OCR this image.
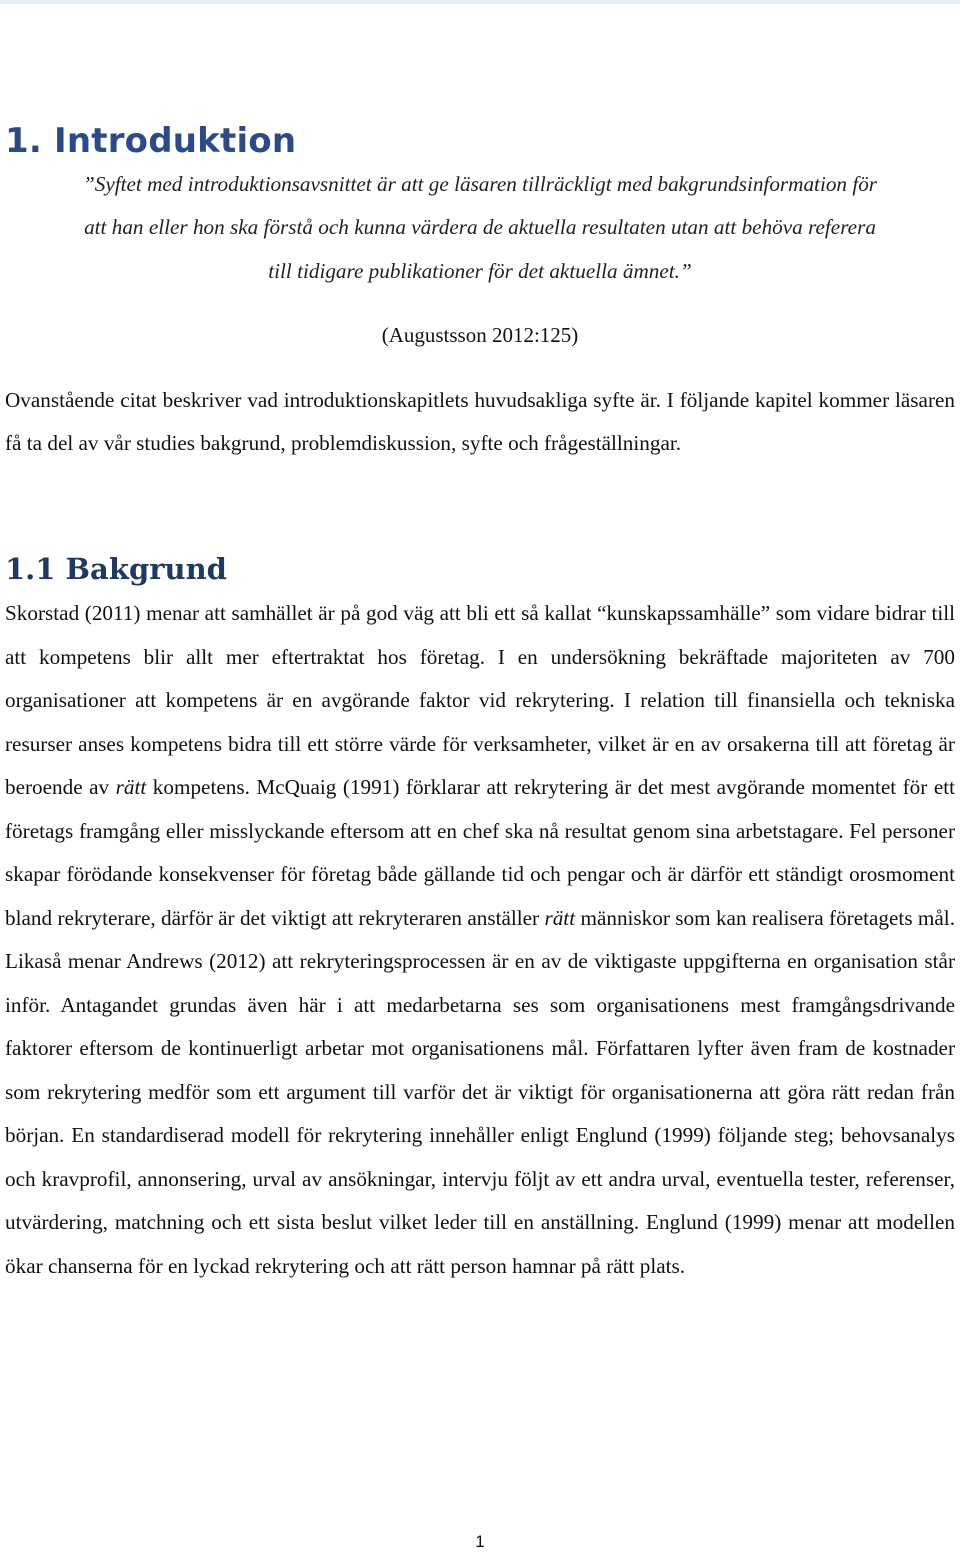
1. Introduktion

”Syftet med introduktionsavsnittet är att ge läsaren tillräckligt med bakgrundsinformation för
att han eller hon ska förstå och kunna värdera de aktuella resultaten utan att behöva referera
till tidigare publikationer för det aktuella ämnet.”

(Augustsson 2012:125)

Ovanstående citat beskriver vad introduktionskapitlets huvudsakliga syfte är. I följande kapitel kommer läsaren få ta del av vår studies bakgrund, problemdiskussion, syfte och frågeställningar.

1.1 Bakgrund

Skorstad (2011) menar att samhället är på god väg att bli ett så kallat “kunskapssamhälle” som vidare bidrar till att kompetens blir allt mer eftertraktat hos företag. I en undersökning bekräftade majoriteten av 700 organisationer att kompetens är en avgörande faktor vid rekrytering. I relation till finansiella och tekniska resurser anses kompetens bidra till ett större värde för verksamheter, vilket är en av orsakerna till att företag är beroende av rätt kompetens. McQuaig (1991) förklarar att rekrytering är det mest avgörande momentet för ett företags framgång eller misslyckande eftersom att en chef ska nå resultat genom sina arbetstagare. Fel personer skapar förödande konsekvenser för företag både gällande tid och pengar och är därför ett ständigt orosmoment bland rekryterare, därför är det viktigt att rekryteraren anställer rätt människor som kan realisera företagets mål. Likaså menar Andrews (2012) att rekryteringsprocessen är en av de viktigaste uppgifterna en organisation står inför. Antagandet grundas även här i att medarbetarna ses som organisationens mest framgångsdrivande faktorer eftersom de kontinuerligt arbetar mot organisationens mål. Författaren lyfter även fram de kostnader som rekrytering medför som ett argument till varför det är viktigt för organisationerna att göra rätt redan från början. En standardiserad modell för rekrytering innehåller enligt Englund (1999) följande steg; behovsanalys och kravprofil, annonsering, urval av ansökningar, intervju följt av ett andra urval, eventuella tester, referenser, utvärdering, matchning och ett sista beslut vilket leder till en anställning. Englund (1999) menar att modellen ökar chanserna för en lyckad rekrytering och att rätt person hamnar på rätt plats.

1
